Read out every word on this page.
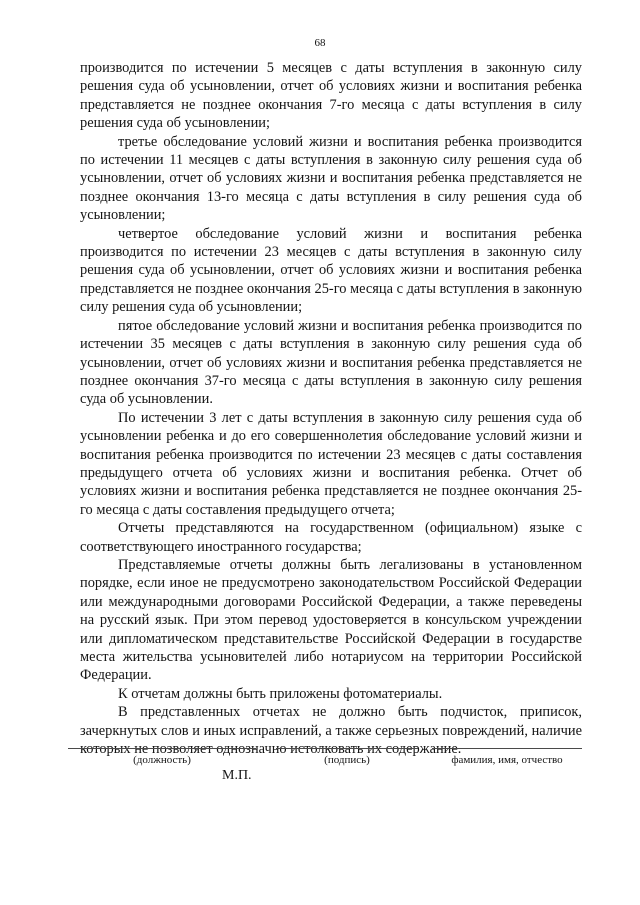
68

производится по истечении 5 месяцев с даты вступления в законную силу решения суда об усыновлении, отчет об условиях жизни и воспитания ребенка представляется не позднее окончания 7-го месяца с даты вступления в силу решения суда об усыновлении;

третье обследование условий жизни и воспитания ребенка производится по истечении 11 месяцев с даты вступления в законную силу решения суда об усыновлении, отчет об условиях жизни и воспитания ребенка представляется не позднее окончания 13-го месяца с даты вступления в силу решения суда об усыновлении;

четвертое обследование условий жизни и воспитания ребенка производится по истечении 23 месяцев с даты вступления в законную силу решения суда об усыновлении, отчет об условиях жизни и воспитания ребенка представляется не позднее окончания 25-го месяца с даты вступления в законную силу решения суда об усыновлении;

пятое обследование условий жизни и воспитания ребенка производится по истечении 35 месяцев с даты вступления в законную силу решения суда об усыновлении, отчет об условиях жизни и воспитания ребенка представляется не позднее окончания 37-го месяца с даты вступления в законную силу решения суда об усыновлении.

По истечении 3 лет с даты вступления в законную силу решения суда об усыновлении ребенка и до его совершеннолетия обследование условий жизни и воспитания ребенка производится по истечении 23 месяцев с даты составления предыдущего отчета об условиях жизни и воспитания ребенка. Отчет об условиях жизни и воспитания ребенка представляется не позднее окончания 25-го месяца с даты составления предыдущего отчета;

Отчеты представляются на государственном (официальном) языке с соответствующего иностранного государства;

Представляемые отчеты должны быть легализованы в установленном порядке, если иное не предусмотрено законодательством Российской Федерации или международными договорами Российской Федерации, а также переведены на русский язык. При этом перевод удостоверяется в консульском учреждении или дипломатическом представительстве Российской Федерации в государстве места жительства усыновителей либо нотариусом на территории Российской Федерации.

К отчетам должны быть приложены фотоматериалы.

В представленных отчетах не должно быть подчисток, приписок, зачеркнутых слов и иных исправлений, а также серьезных повреждений, наличие которых не позволяет однозначно истолковать их содержание.

(должность)	(подпись)	фамилия, имя, отчество
М.П.
